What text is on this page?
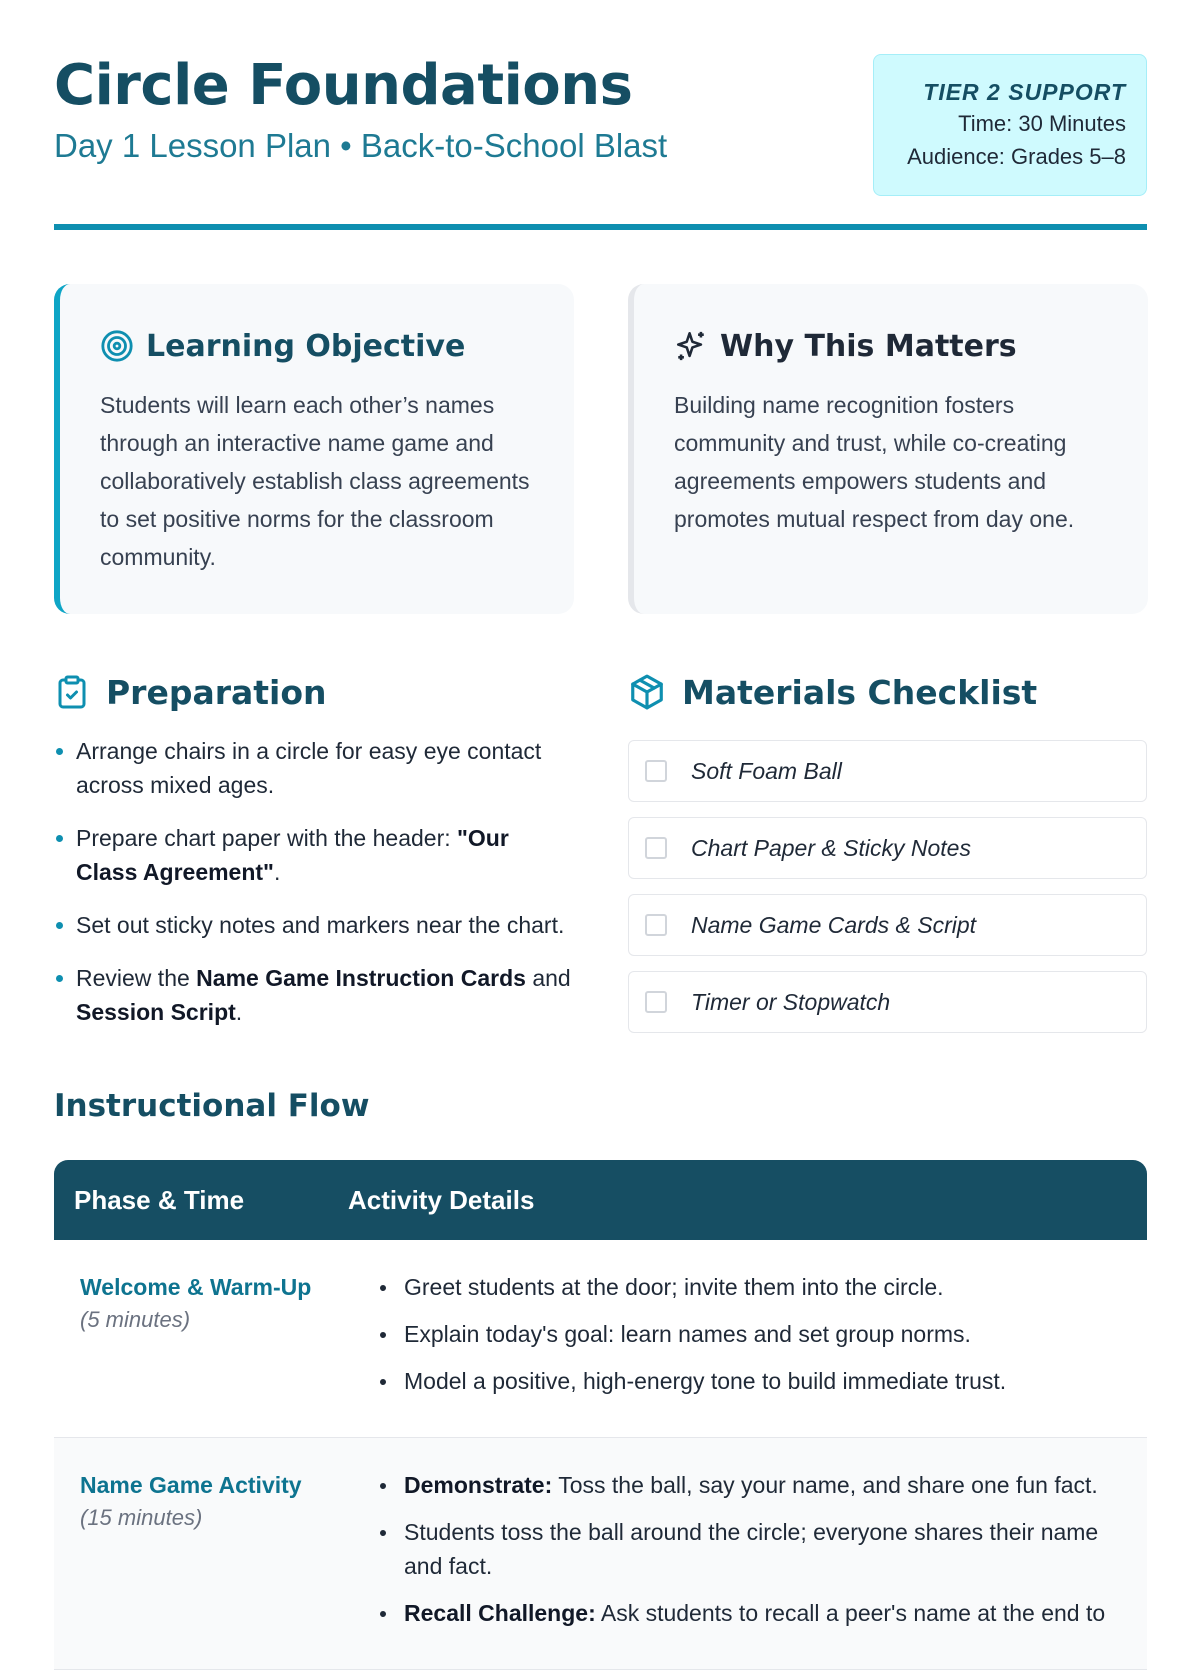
Circle Foundations
Day 1 Lesson Plan • Back-to-School Blast
TIER 2 SUPPORT
Time: 30 Minutes
Audience: Grades 5–8
Learning Objective
Students will learn each other’s names through an interactive name game and collaboratively establish class agreements to set positive norms for the classroom community.
Why This Matters
Building name recognition fosters community and trust, while co-creating agreements empowers students and promotes mutual respect from day one.
Preparation
Arrange chairs in a circle for easy eye contact across mixed ages.
Prepare chart paper with the header: "Our Class Agreement".
Set out sticky notes and markers near the chart.
Review the Name Game Instruction Cards and Session Script.
Materials Checklist
Soft Foam Ball
Chart Paper & Sticky Notes
Name Game Cards & Script
Timer or Stopwatch
Instructional Flow
Phase & Time	Activity Details
Welcome & Warm-Up
(5 minutes)
Greet students at the door; invite them into the circle.
Explain today's goal: learn names and set group norms.
Model a positive, high-energy tone to build immediate trust.
Name Game Activity
(15 minutes)
Demonstrate: Toss the ball, say your name, and share one fun fact.
Students toss the ball around the circle; everyone shares their name and fact.
Recall Challenge: Ask students to recall a peer's name at the end to
